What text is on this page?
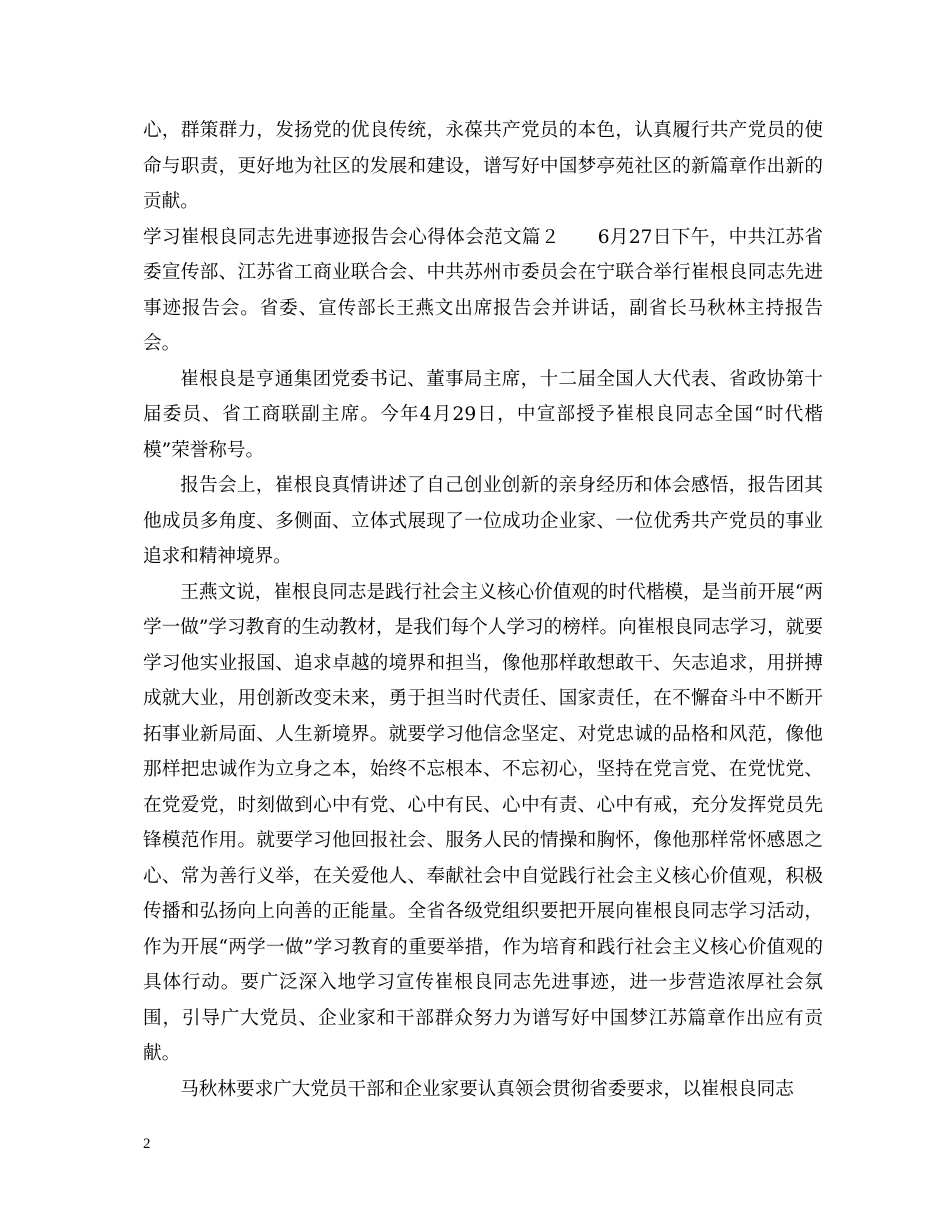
心，群策群力，发扬党的优良传统，永葆共产党员的本色，认真履行共产党员的使命与职责，更好地为社区的发展和建设，谱写好中国梦亭苑社区的新篇章作出新的贡献。

学习崔根良同志先进事迹报告会心得体会范文篇２　　6月27日下午，中共江苏省委宣传部、江苏省工商业联合会、中共苏州市委员会在宁联合举行崔根良同志先进事迹报告会。省委、宣传部长王燕文出席报告会并讲话，副省长马秋林主持报告会。

崔根良是亨通集团党委书记、董事局主席，十二届全国人大代表、省政协第十届委员、省工商联副主席。今年4月29日，中宣部授予崔根良同志全国“时代楷模”荣誉称号。

报告会上，崔根良真情讲述了自己创业创新的亲身经历和体会感悟，报告团其他成员多角度、多侧面、立体式展现了一位成功企业家、一位优秀共产党员的事业追求和精神境界。

王燕文说，崔根良同志是践行社会主义核心价值观的时代楷模，是当前开展“两学一做”学习教育的生动教材，是我们每个人学习的榜样。向崔根良同志学习，就要学习他实业报国、追求卓越的境界和担当，像他那样敢想敢干、矢志追求，用拼搏成就大业，用创新改变未来，勇于担当时代责任、国家责任，在不懈奋斗中不断开拓事业新局面、人生新境界。就要学习他信念坚定、对党忠诚的品格和风范，像他那样把忠诚作为立身之本，始终不忘根本、不忘初心，坚持在党言党、在党忧党、在党爱党，时刻做到心中有党、心中有民、心中有责、心中有戒，充分发挥党员先锋模范作用。就要学习他回报社会、服务人民的情操和胸怀，像他那样常怀感恩之心、常为善行义举，在关爱他人、奉献社会中自觉践行社会主义核心价值观，积极传播和弘扬向上向善的正能量。全省各级党组织要把开展向崔根良同志学习活动，作为开展“两学一做”学习教育的重要举措，作为培育和践行社会主义核心价值观的具体行动。要广泛深入地学习宣传崔根良同志先进事迹，进一步营造浓厚社会氛围，引导广大党员、企业家和干部群众努力为谱写好中国梦江苏篇章作出应有贡献。

马秋林要求广大党员干部和企业家要认真领会贯彻省委要求，以崔根良同志

2
